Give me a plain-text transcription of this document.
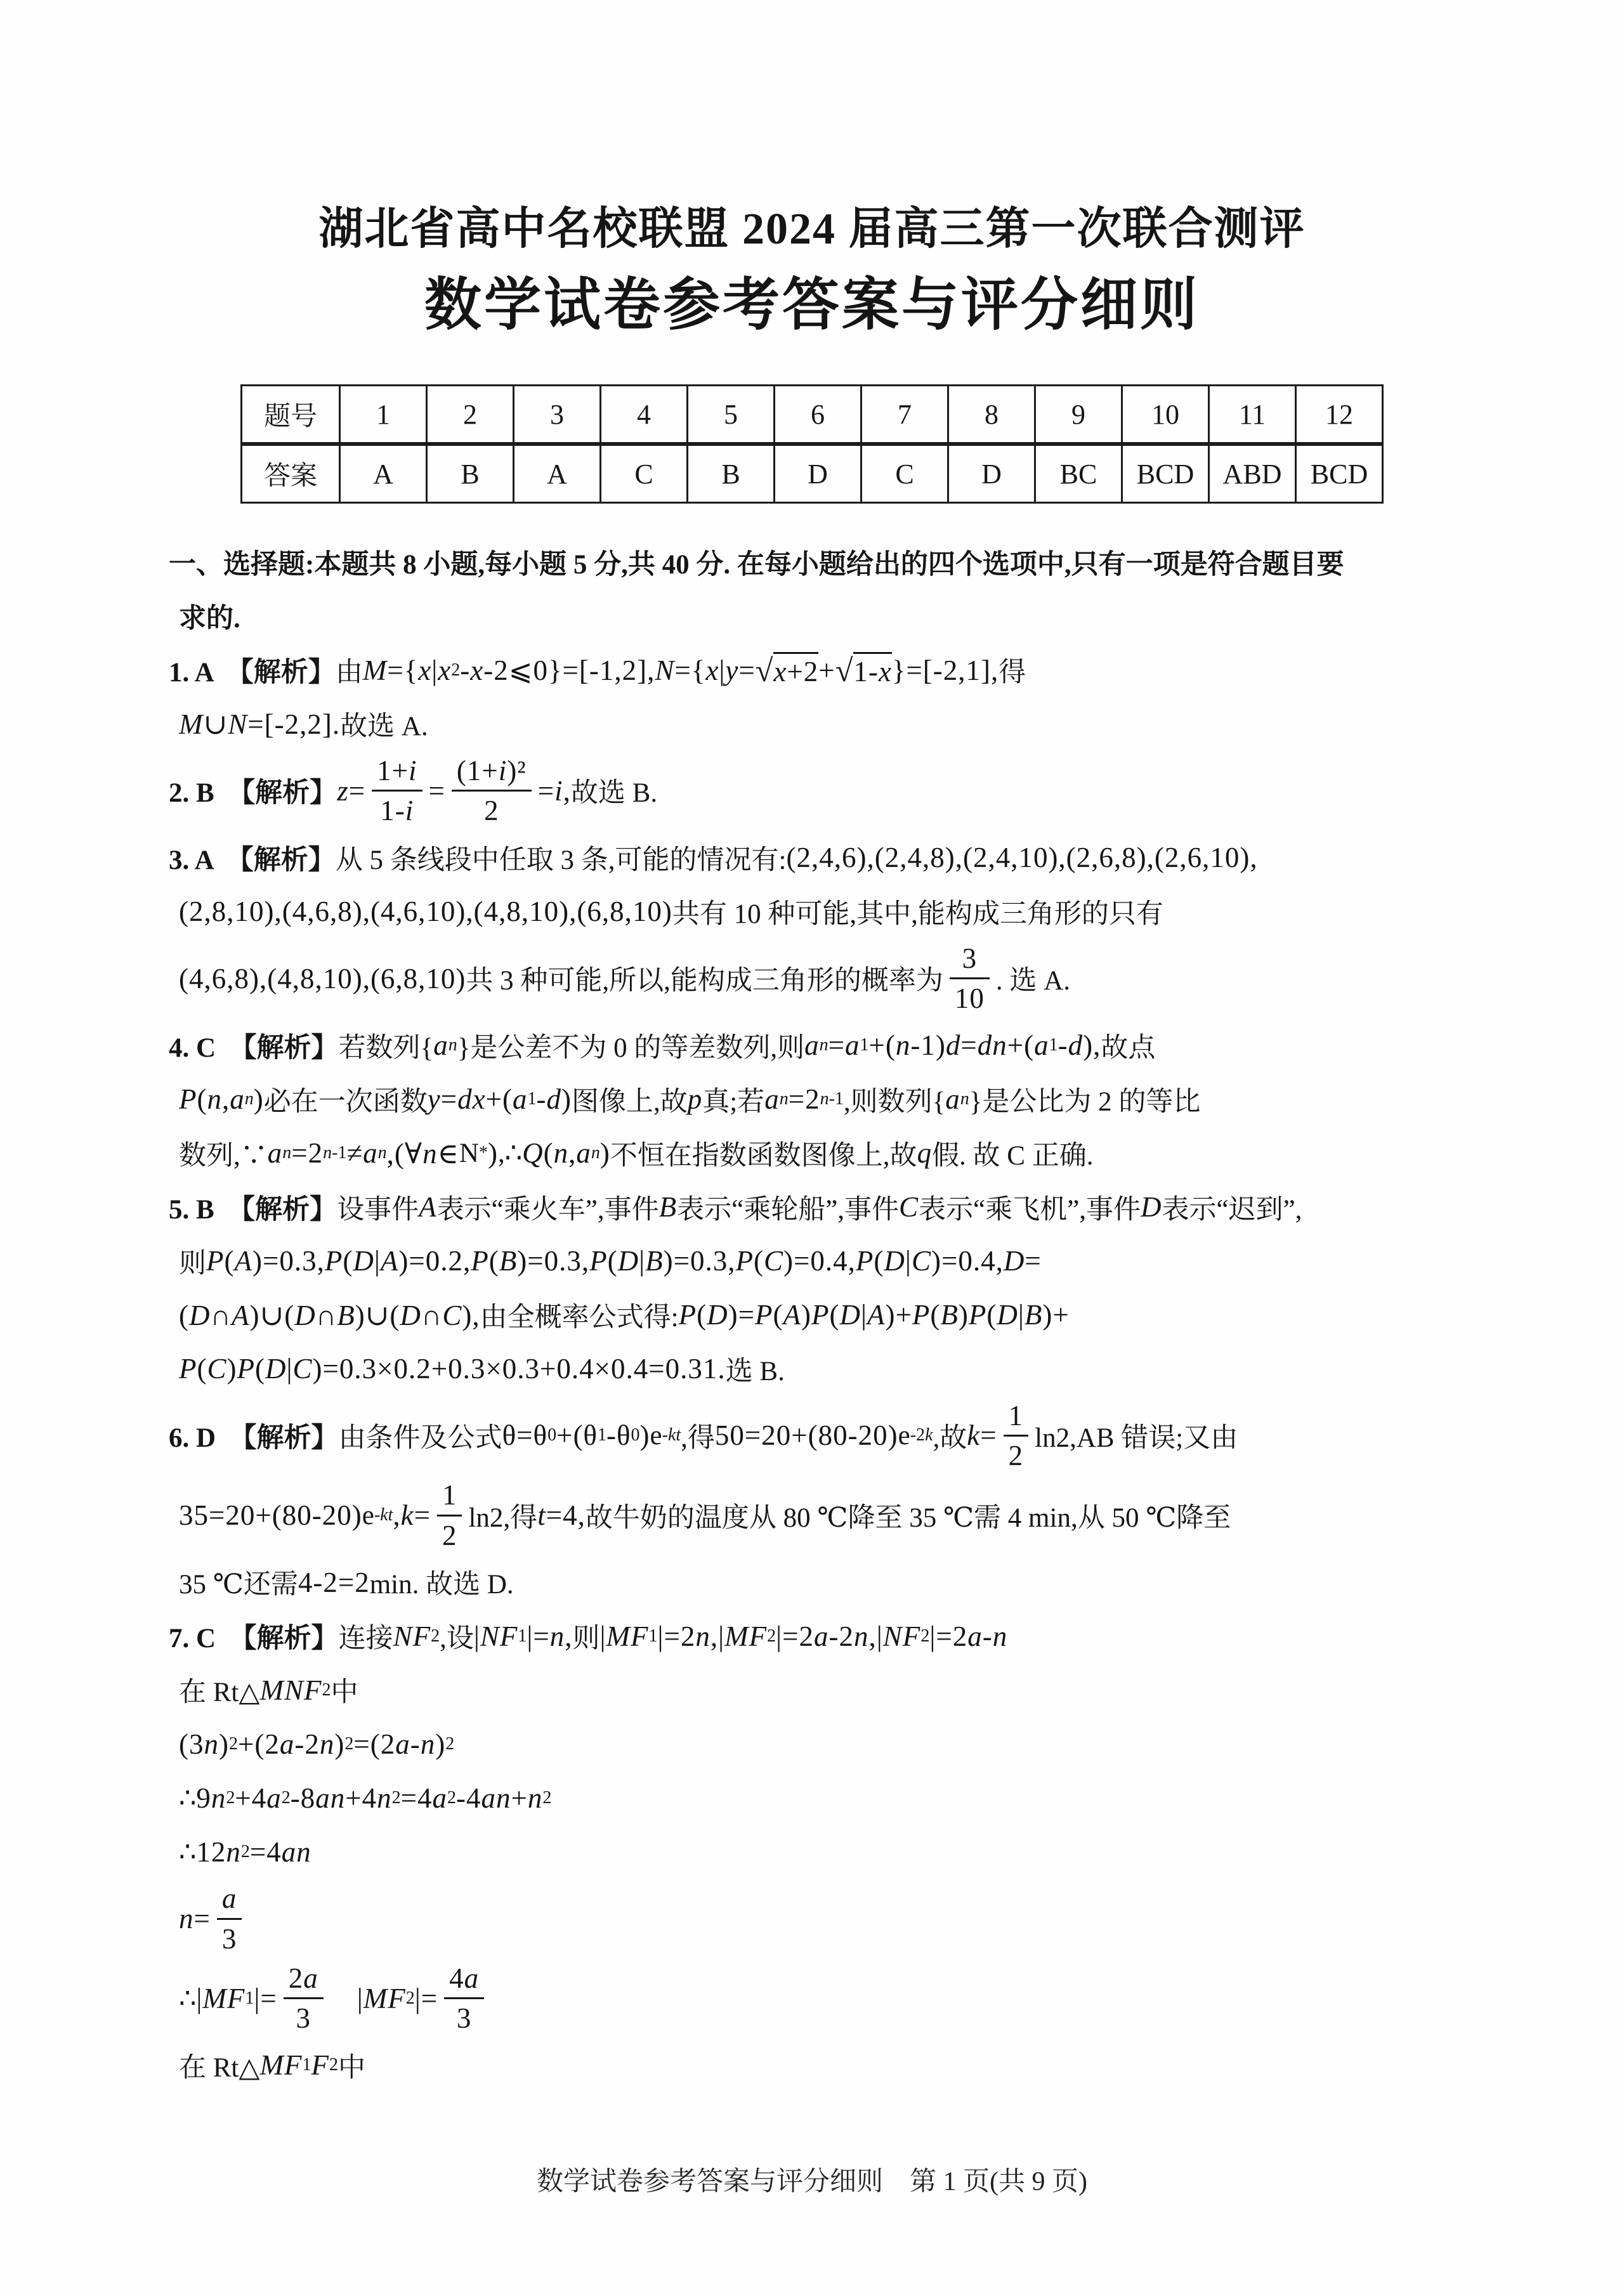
湖北省高中名校联盟 2024 届高三第一次联合测评
数学试卷参考答案与评分细则
题号	1	2	3	4	5	6	7	8	9	10	11	12
答案	A	B	A	C	B	D	C	D	BC	BCD	ABD	BCD
一、选择题:本题共 8 小题,每小题 5 分,共 40 分. 在每小题给出的四个选项中,只有一项是符合题目要
求的.
1. A　【解析】 由 M={x|x 2 -x-2⩽0}=[-1,2],N={x|y= √x+2 + √1-x }=[-2,1], 得
M∪N=[-2,2]. 故选 A.
2. B　【解析】 $z= \frac{1+i}{1-i} = \frac{\text{(1+i)²}}{2} =i$, 故选 B.
3. A　【解析】 从 5 条线段中任取 3 条,可能的情况有: (2,4,6),(2,4,8),(2,4,10),(2,6,8),(2,6,10),
(2,8,10),(4,6,8),(4,6,10),(4,8,10),(6,8,10) 共有 10 种可能,其中,能构成三角形的只有
(4,6,8),(4,8,10),(6,8,10) 共 3 种可能,所以,能构成三角形的概率为 $\frac{3}{10}$ . 选 A.
4. C　【解析】 若数列{ a n }是公差不为 0 的等差数列,则 a n =a 1 +(n-1)d=dn+(a 1 -d), 故点
P(n,a n ) 必在一次函数 y=dx+(a 1 -d) 图像上,故 p 真;若 a n =2 n-1 ,则数列{ a n }是公比为 2 的等比
数列,∵ a n =2 n-1 ≠a n ,(∀n∈ N * ) ,∴ Q(n,a n ) 不恒在指数函数图像上,故 q 假. 故 C 正确.
5. B　【解析】 设事件 A 表示“乘火车”,事件 B 表示“乘轮船”,事件 C 表示“乘飞机”,事件 D 表示“迟到”,
则 P(A)=0.3,P(D|A)=0.2,P(B)=0.3,P(D|B)=0.3,P(C)=0.4,P(D|C)=0.4,D=
(D∩A)∪(D∩B)∪(D∩C), 由全概率公式得: P(D)=P(A)P(D|A)+P(B)P(D|B)+
P(C)P(D|C)=0.3×0.2+0.3×0.3+0.4×0.4=0.31. 选 B.
6. D　【解析】 由条件及公式 θ=θ 0 +(θ 1 -θ 0 ) e -kt ,得 50=20+(80-20) e -2k ,故 $k= \frac{1}{2} \ln 2,AB$ 错误;又由
35=20+(80-20) e -kt $,k= \frac{1}{2} \ln 2$,得 t=4, 故牛奶的温度从 80 ℃降至 35 ℃需 4 min,从 50 ℃降至
35 ℃还需 4-2=2 min. 故选 D.
7. C　【解析】 连接 NF 2 ,设 |NF 1 |=n, 则 |MF 1 |=2n,|MF 2 |=2a-2n,|NF 2 |=2a-n
在 Rt△ MNF 2 中
(3n) 2 +(2a-2n) 2 =(2a-n) 2
∴ 9n 2 +4a 2 -8an+4n 2 =4a 2 -4an+n 2
∴ 12n 2 =4an
$n= \frac{a}{3}$
∴ |MF 1 |= $\frac{2a}{3}$
　 |MF 2 |= $\frac{4a}{3}$
在 Rt△ MF 1 F 2 中
数学试卷参考答案与评分细则　第 1 页(共 9 页)
